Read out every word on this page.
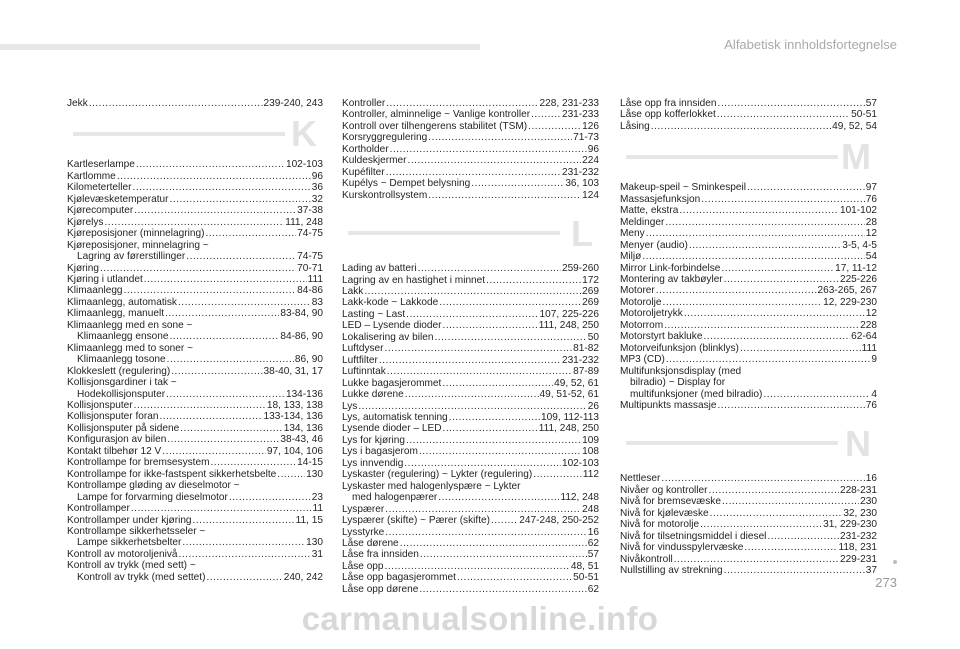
Alfabetisk innholdsfortegnelse
Jekk .....	239-240, 243
K
Kartleserlampe .....	102-103
Kartlomme .....	96
Kilometerteller .....	36
Kjølevæsketemperatur .....	32
Kjørecomputer .....	37-38
Kjørelys .....	111, 248
Kjøreposisjoner (minnelagring) .....	74-75
Kjøreposisjoner, minnelagring ~
Lagring av førerstillinger .....	74-75
Kjøring .....	70-71
Kjøring i utlandet .....	111
Klimaanlegg .....	84-86
Klimaanlegg, automatisk .....	83
Klimaanlegg, manuelt .....	83-84, 90
Klimaanlegg med en sone ~
Klimaanlegg ensone .....	84-86, 90
Klimaanlegg med to soner ~
Klimaanlegg tosone .....	86, 90
Klokkeslett (regulering) .....	38-40, 31, 17
Kollisjonsgardiner i tak ~
Hodekollisjonsputer .....	134-136
Kollisjonsputer .....	18, 133, 138
Kollisjonsputer foran .....	133-134, 136
Kollisjonsputer på sidene .....	134, 136
Konfigurasjon av bilen .....	38-43, 46
Kontakt tilbehør 12 V .....	97, 104, 106
Kontrollampe for bremsesystem .....	14-15
Kontrollampe for ikke-fastspent sikkerhetsbelte .....	130
Kontrollampe gløding av dieselmotor ~
Lampe for forvarming dieselmotor .....	23
Kontrollamper .....	11
Kontrollamper under kjøring .....	11, 15
Kontrollampe sikkerhetsseler ~
Lampe sikkerhetsbelter .....	130
Kontroll av motoroljenivå .....	31
Kontroll av trykk (med sett) ~
Kontroll av trykk (med settet) .....	240, 242
Kontroller .....	228, 231-233
Kontroller, alminnelige ~ Vanlige kontroller .....	231-233
Kontroll over tilhengerens stabilitet (TSM) .....	126
Korsryggregulering .....	71-73
Kortholder .....	96
Kuldeskjermer .....	224
Kupéfilter .....	231-232
Kupélys ~ Dempet belysning .....	36, 103
Kurskontrollsystem .....	124
L
Lading av batteri .....	259-260
Lagring av en hastighet i minnet .....	172
Lakk .....	269
Lakk-kode ~ Lakkode .....	269
Lasting ~ Last .....	107, 225-226
LED – Lysende dioder .....	111, 248, 250
Lokalisering av bilen .....	50
Luftdyser .....	81-82
Luftfilter .....	231-232
Luftinntak .....	87-89
Lukke bagasjerommet .....	49, 52, 61
Lukke dørene .....	49, 51-52, 61
Lys .....	26
Lys, automatisk tenning .....	109, 112-113
Lysende dioder – LED .....	111, 248, 250
Lys for kjøring .....	109
Lys i bagasjerom .....	108
Lys innvendig .....	102-103
Lyskaster (regulering) ~ Lykter (regulering) .....	112
Lyskaster med halogenlyspære ~ Lykter
med halogenpærer .....	112, 248
Lyspærer .....	248
Lyspærer (skifte) ~ Pærer (skifte) .....	247-248, 250-252
Lysstyrke .....	16
Låse dørene .....	62
Låse fra innsiden .....	57
Låse opp .....	48, 51
Låse opp bagasjerommet .....	50-51
Låse opp dørene .....	62
Låse opp fra innsiden .....	57
Låse opp kofferlokket .....	50-51
Låsing .....	49, 52, 54
M
Makeup-speil ~ Sminkespeil .....	97
Massasjefunksjon .....	76
Matte, ekstra .....	101-102
Meldinger .....	28
Meny .....	12
Menyer (audio) .....	3-5, 4-5
Miljø .....	54
Mirror Link-forbindelse .....	17, 11-12
Montering av takbøyler .....	225-226
Motorer .....	263-265, 267
Motorolje .....	12, 229-230
Motoroljetrykk .....	12
Motorrom .....	228
Motorstyrt bakluke .....	62-64
Motorveifunksjon (blinklys) .....	111
MP3 (CD) .....	9
Multifunksjonsdisplay (med
bilradio) ~ Display for
multifunksjoner (med bilradio) .....	4
Multipunkts massasje .....	76
N
Nettleser .....	16
Nivåer og kontroller .....	228-231
Nivå for bremsevæske .....	230
Nivå for kjølevæske .....	32, 230
Nivå for motorolje .....	31, 229-230
Nivå for tilsetningsmiddel i diesel .....	231-232
Nivå for vindusspylervæske .....	118, 231
Nivåkontroll .....	229-231
Nullstilling av strekning .....	37
273
carmanualsonline.info
